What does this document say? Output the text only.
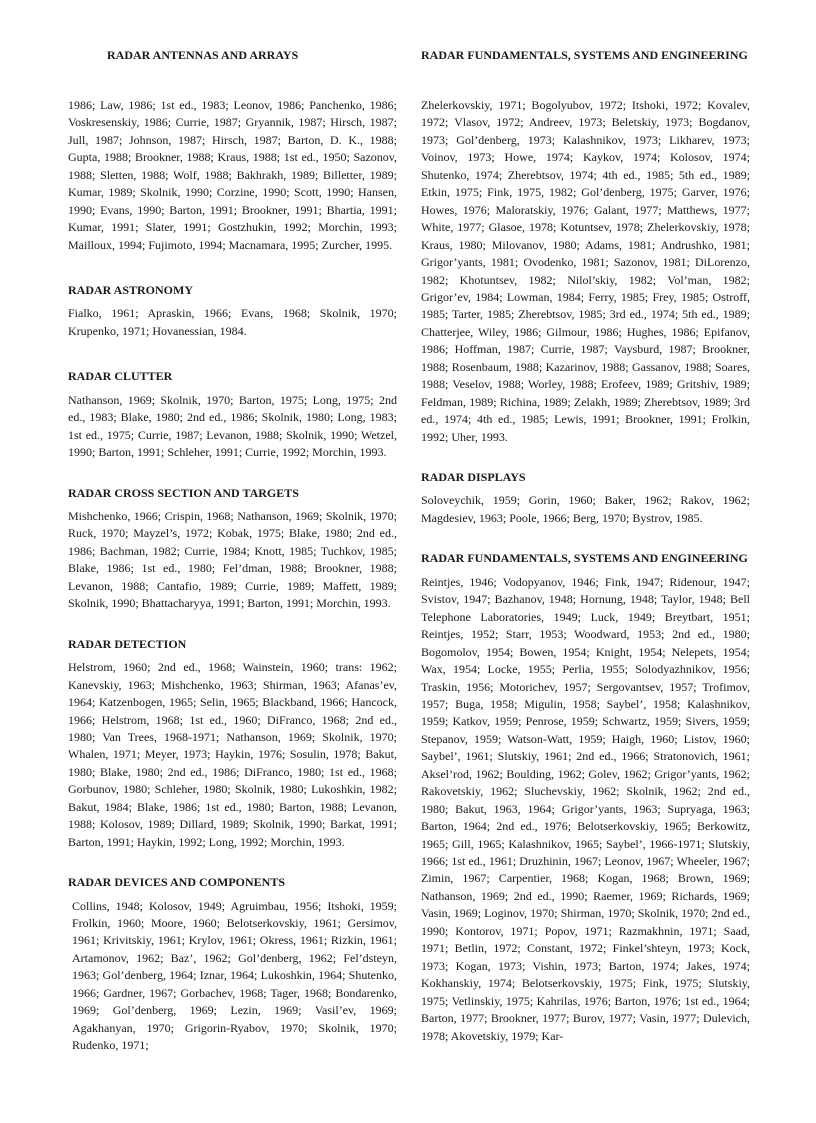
RADAR ANTENNAS AND ARRAYS	RADAR FUNDAMENTALS, SYSTEMS AND ENGINEERING

1986; Law, 1986; 1st ed., 1983; Leonov, 1986; Panchenko, 1986; Voskresenskiy, 1986; Currie, 1987; Gryannik, 1987; Hirsch, 1987; Jull, 1987; Johnson, 1987; Hirsch, 1987; Barton, D. K., 1988; Gupta, 1988; Brookner, 1988; Kraus, 1988; 1st ed., 1950; Sazonov, 1988; Sletten, 1988; Wolf, 1988; Bakhrakh, 1989; Billetter, 1989; Kumar, 1989; Skolnik, 1990; Corzine, 1990; Scott, 1990; Hansen, 1990; Evans, 1990; Barton, 1991; Brookner, 1991; Bhartia, 1991; Kumar, 1991; Slater, 1991; Gostzhukin, 1992; Morchin, 1993; Mailloux, 1994; Fujimoto, 1994; Macnamara, 1995; Zurcher, 1995.

RADAR ASTRONOMY

Fialko, 1961; Apraskin, 1966; Evans, 1968; Skolnik, 1970; Krupenko, 1971; Hovanessian, 1984.

RADAR CLUTTER

Nathanson, 1969; Skolnik, 1970; Barton, 1975; Long, 1975; 2nd ed., 1983; Blake, 1980; 2nd ed., 1986; Skolnik, 1980; Long, 1983; 1st ed., 1975; Currie, 1987; Levanon, 1988; Skolnik, 1990; Wetzel, 1990; Barton, 1991; Schleher, 1991; Currie, 1992; Morchin, 1993.

RADAR CROSS SECTION AND TARGETS

Mishchenko, 1966; Crispin, 1968; Nathanson, 1969; Skolnik, 1970; Ruck, 1970; Mayzel’s, 1972; Kobak, 1975; Blake, 1980; 2nd ed., 1986; Bachman, 1982; Currie, 1984; Knott, 1985; Tuchkov, 1985; Blake, 1986; 1st ed., 1980; Fel’dman, 1988; Brookner, 1988; Levanon, 1988; Cantafio, 1989; Currie, 1989; Maffett, 1989; Skolnik, 1990; Bhattacharyya, 1991; Barton, 1991; Morchin, 1993.

RADAR DETECTION

Helstrom, 1960; 2nd ed., 1968; Wainstein, 1960; trans: 1962; Kanevskiy, 1963; Mishchenko, 1963; Shirman, 1963; Afanas’ev, 1964; Katzenbogen, 1965; Selin, 1965; Blackband, 1966; Hancock, 1966; Helstrom, 1968; 1st ed., 1960; DiFranco, 1968; 2nd ed., 1980; Van Trees, 1968-1971; Nathanson, 1969; Skolnik, 1970; Whalen, 1971; Meyer, 1973; Haykin, 1976; Sosulin, 1978; Bakut, 1980; Blake, 1980; 2nd ed., 1986; DiFranco, 1980; 1st ed., 1968; Gorbunov, 1980; Schleher, 1980; Skolnik, 1980; Lukoshkin, 1982; Bakut, 1984; Blake, 1986; 1st ed., 1980; Barton, 1988; Levanon, 1988; Kolosov, 1989; Dillard, 1989; Skolnik, 1990; Barkat, 1991; Barton, 1991; Haykin, 1992; Long, 1992; Morchin, 1993.

RADAR DEVICES AND COMPONENTS

Collins, 1948; Kolosov, 1949; Agruimbau, 1956; Itshoki, 1959; Frolkin, 1960; Moore, 1960; Belotserkovskiy, 1961; Gersimov, 1961; Krivitskiy, 1961; Krylov, 1961; Okress, 1961; Rizkin, 1961; Artamonov, 1962; Baz’, 1962; Gol’denberg, 1962; Fel’dsteyn, 1963; Gol’denberg, 1964; Iznar, 1964; Lukoshkin, 1964; Shutenko, 1966; Gardner, 1967; Gorbachev, 1968; Tager, 1968; Bondarenko, 1969; Gol’denberg, 1969; Lezin, 1969; Vasil’ev, 1969; Agakhanyan, 1970; Grigorin-Ryabov, 1970; Skolnik, 1970; Rudenko, 1971;

Zhelerkovskiy, 1971; Bogolyubov, 1972; Itshoki, 1972; Kovalev, 1972; Vlasov, 1972; Andreev, 1973; Beletskiy, 1973; Bogdanov, 1973; Gol’denberg, 1973; Kalashnikov, 1973; Likharev, 1973; Voinov, 1973; Howe, 1974; Kaykov, 1974; Kolosov, 1974; Shutenko, 1974; Zherebtsov, 1974; 4th ed., 1985; 5th ed., 1989; Etkin, 1975; Fink, 1975, 1982; Gol’denberg, 1975; Garver, 1976; Howes, 1976; Maloratskiy, 1976; Galant, 1977; Matthews, 1977; White, 1977; Glasoe, 1978; Kotuntsev, 1978; Zhelerkovskiy, 1978; Kraus, 1980; Milovanov, 1980; Adams, 1981; Andrushko, 1981; Grigor’yants, 1981; Ovodenko, 1981; Sazonov, 1981; DiLorenzo, 1982; Khotuntsev, 1982; Nilol’skiy, 1982; Vol’man, 1982; Grigor’ev, 1984; Lowman, 1984; Ferry, 1985; Frey, 1985; Ostroff, 1985; Tarter, 1985; Zherebtsov, 1985; 3rd ed., 1974; 5th ed., 1989; Chatterjee, Wiley, 1986; Gilmour, 1986; Hughes, 1986; Epifanov, 1986; Hoffman, 1987; Currie, 1987; Vaysburd, 1987; Brookner, 1988; Rosenbaum, 1988; Kazarinov, 1988; Gassanov, 1988; Soares, 1988; Veselov, 1988; Worley, 1988; Erofeev, 1989; Gritshiv, 1989; Feldman, 1989; Richina, 1989; Zelakh, 1989; Zherebtsov, 1989; 3rd ed., 1974; 4th ed., 1985; Lewis, 1991; Brookner, 1991; Frolkin, 1992; Uher, 1993.

RADAR DISPLAYS

Soloveychik, 1959; Gorin, 1960; Baker, 1962; Rakov, 1962; Magdesiev, 1963; Poole, 1966; Berg, 1970; Bystrov, 1985.

RADAR FUNDAMENTALS, SYSTEMS AND ENGINEERING

Reintjes, 1946; Vodopyanov, 1946; Fink, 1947; Ridenour, 1947; Svistov, 1947; Bazhanov, 1948; Hornung, 1948; Taylor, 1948; Bell Telephone Laboratories, 1949; Luck, 1949; Breytbart, 1951; Reintjes, 1952; Starr, 1953; Woodward, 1953; 2nd ed., 1980; Bogomolov, 1954; Bowen, 1954; Knight, 1954; Nelepets, 1954; Wax, 1954; Locke, 1955; Perlia, 1955; Solodyazhnikov, 1956; Traskin, 1956; Motorichev, 1957; Sergovantsev, 1957; Trofimov, 1957; Buga, 1958; Migulin, 1958; Saybel’, 1958; Kalashnikov, 1959; Katkov, 1959; Penrose, 1959; Schwartz, 1959; Sivers, 1959; Stepanov, 1959; Watson-Watt, 1959; Haigh, 1960; Listov, 1960; Saybel’, 1961; Slutskiy, 1961; 2nd ed., 1966; Stratonovich, 1961; Aksel’rod, 1962; Boulding, 1962; Golev, 1962; Grigor’yants, 1962; Rakovetskiy, 1962; Sluchevskiy, 1962; Skolnik, 1962; 2nd ed., 1980; Bakut, 1963, 1964; Grigor’yants, 1963; Supryaga, 1963; Barton, 1964; 2nd ed., 1976; Belotserkovskiy, 1965; Berkowitz, 1965; Gill, 1965; Kalashnikov, 1965; Saybel’, 1966-1971; Slutskiy, 1966; 1st ed., 1961; Druzhinin, 1967; Leonov, 1967; Wheeler, 1967; Zimin, 1967; Carpentier, 1968; Kogan, 1968; Brown, 1969; Nathanson, 1969; 2nd ed., 1990; Raemer, 1969; Richards, 1969; Vasin, 1969; Loginov, 1970; Shirman, 1970; Skolnik, 1970; 2nd ed., 1990; Kontorov, 1971; Popov, 1971; Razmakhnin, 1971; Saad, 1971; Betlin, 1972; Constant, 1972; Finkel’shteyn, 1973; Kock, 1973; Kogan, 1973; Vishin, 1973; Barton, 1974; Jakes, 1974; Kokhanskiy, 1974; Belotserkovskiy, 1975; Fink, 1975; Slutskiy, 1975; Vetlinskiy, 1975; Kahrilas, 1976; Barton, 1976; 1st ed., 1964; Barton, 1977; Brookner, 1977; Burov, 1977; Vasin, 1977; Dulevich, 1978; Akovetskiy, 1979; Kar-
